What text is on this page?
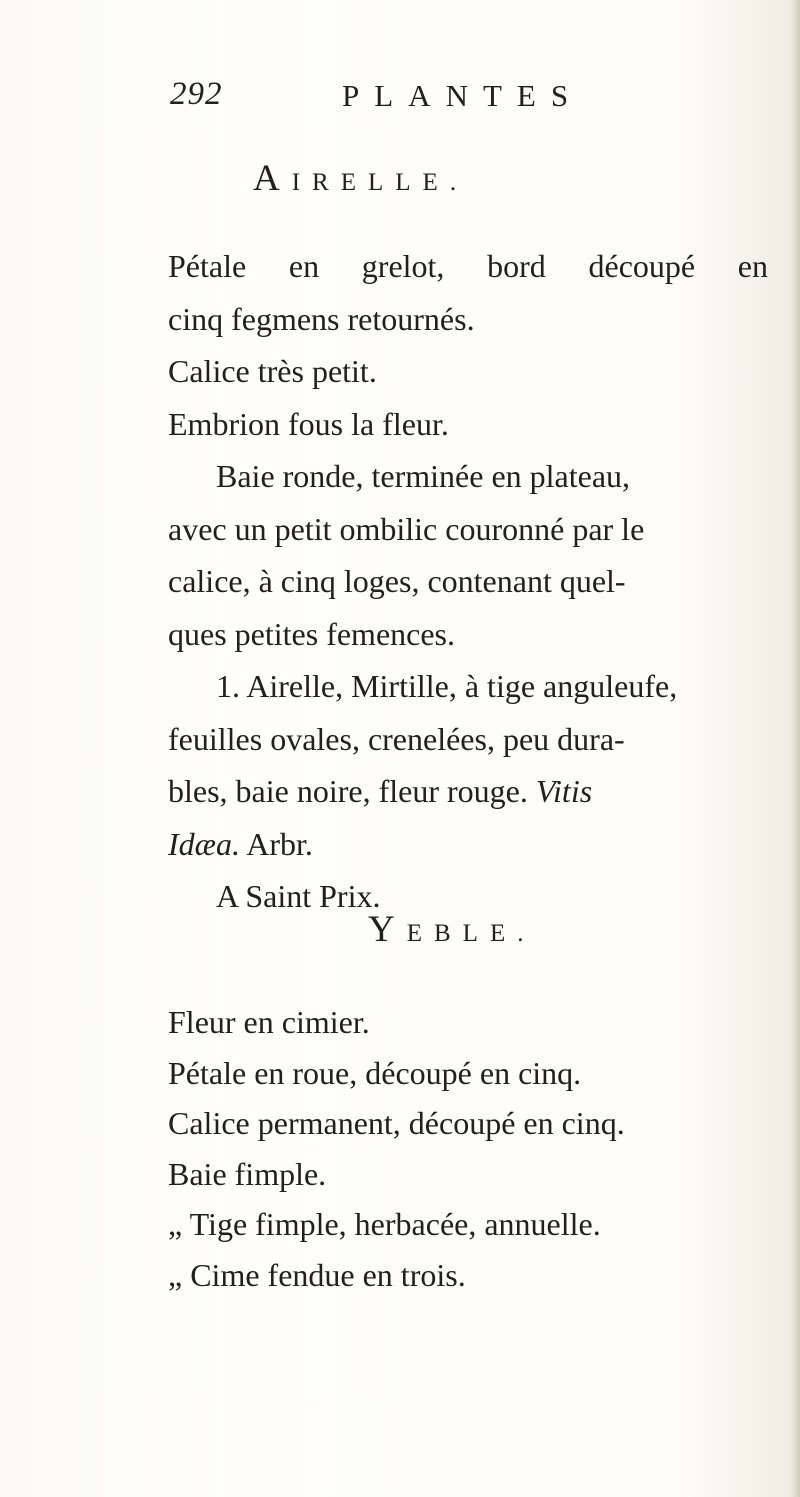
292	PLANTES
AIRELLE.
Pétale en grelot, bord découpé en
cinq fegmens retournés.
Calice très petit.
Embrion fous la fleur.
Baie ronde, terminée en plateau,
avec un petit ombilic couronné par le
calice, à cinq loges, contenant quel-
ques petites femences.
1. Airelle, Mirtille, à tige anguleufe,
feuilles ovales, crenelées, peu dura-
bles, baie noire, fleur rouge. Vitis
Idæa. Arbr.
A Saint Prix.
YEBLE.
Fleur en cimier.
Pétale en roue, découpé en cinq.
Calice permanent, découpé en cinq.
Baie fimple.
„ Tige fimple, herbacée, annuelle.
„ Cime fendue en trois.
